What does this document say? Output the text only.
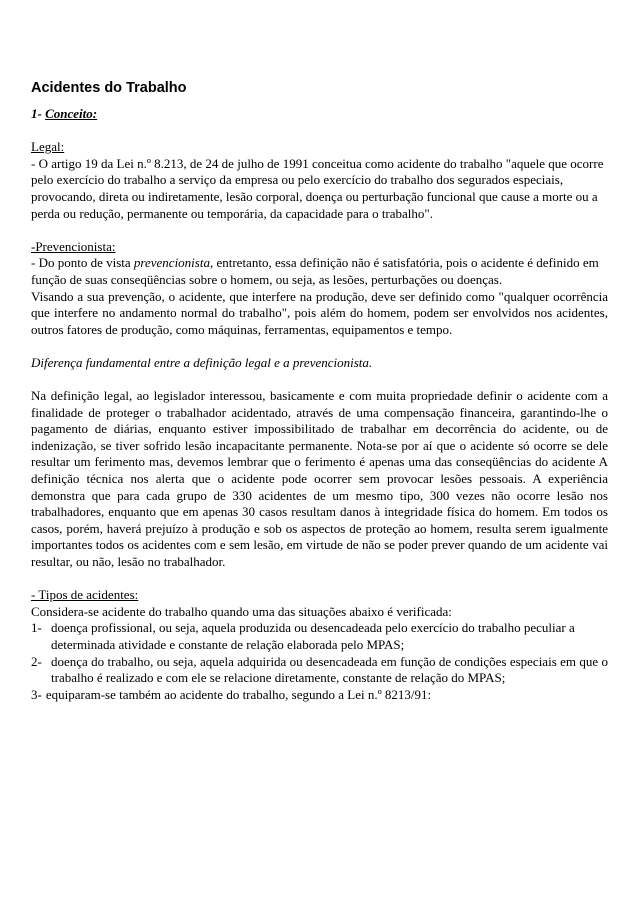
Acidentes do Trabalho
1- Conceito:

Legal:

- O artigo 19 da Lei n.º 8.213, de 24 de julho de 1991 conceitua como acidente do trabalho "aquele que ocorre pelo exercício do trabalho a serviço da empresa ou pelo exercício do trabalho dos segurados especiais, provocando, direta ou indiretamente, lesão corporal, doença ou perturbação funcional que cause a morte ou a perda ou redução, permanente ou temporária, da capacidade para o trabalho".

-Prevencionista:

- Do ponto de vista prevencionista, entretanto, essa definição não é satisfatória, pois o acidente é definido em função de suas conseqüências sobre o homem, ou seja, as lesões, perturbações ou doenças.

Visando a sua prevenção, o acidente, que interfere na produção, deve ser definido como "qualquer ocorrência que interfere no andamento normal do trabalho", pois além do homem, podem ser envolvidos nos acidentes, outros fatores de produção, como máquinas, ferramentas, equipamentos e tempo.

Diferença fundamental entre a definição legal e a prevencionista.

Na definição legal, ao legislador interessou, basicamente e com muita propriedade definir o acidente com a finalidade de proteger o trabalhador acidentado, através de uma compensação financeira, garantindo-lhe o pagamento de diárias, enquanto estiver impossibilitado de trabalhar em decorrência do acidente, ou de indenização, se tiver sofrido lesão incapacitante permanente. Nota-se por aí que o acidente só ocorre se dele resultar um ferimento mas, devemos lembrar que o ferimento é apenas uma das conseqüências do acidente A definição técnica nos alerta que o acidente pode ocorrer sem provocar lesões pessoais. A experiência demonstra que para cada grupo de 330 acidentes de um mesmo tipo, 300 vezes não ocorre lesão nos trabalhadores, enquanto que em apenas 30 casos resultam danos à integridade física do homem. Em todos os casos, porém, haverá prejuízo à produção e sob os aspectos de proteção ao homem, resulta serem igualmente importantes todos os acidentes com e sem lesão, em virtude de não se poder prever quando de um acidente vai resultar, ou não, lesão no trabalhador.

- Tipos de acidentes:

Considera-se acidente do trabalho quando uma das situações abaixo é verificada:

1- doença profissional, ou seja, aquela produzida ou desencadeada pelo exercício do trabalho peculiar a determinada atividade e constante de relação elaborada pelo MPAS;
2- doença do trabalho, ou seja, aquela adquirida ou desencadeada em função de condições especiais em que o trabalho é realizado e com ele se relacione diretamente, constante de relação do MPAS;
3- equiparam-se também ao acidente do trabalho, segundo a Lei n.º 8213/91:
